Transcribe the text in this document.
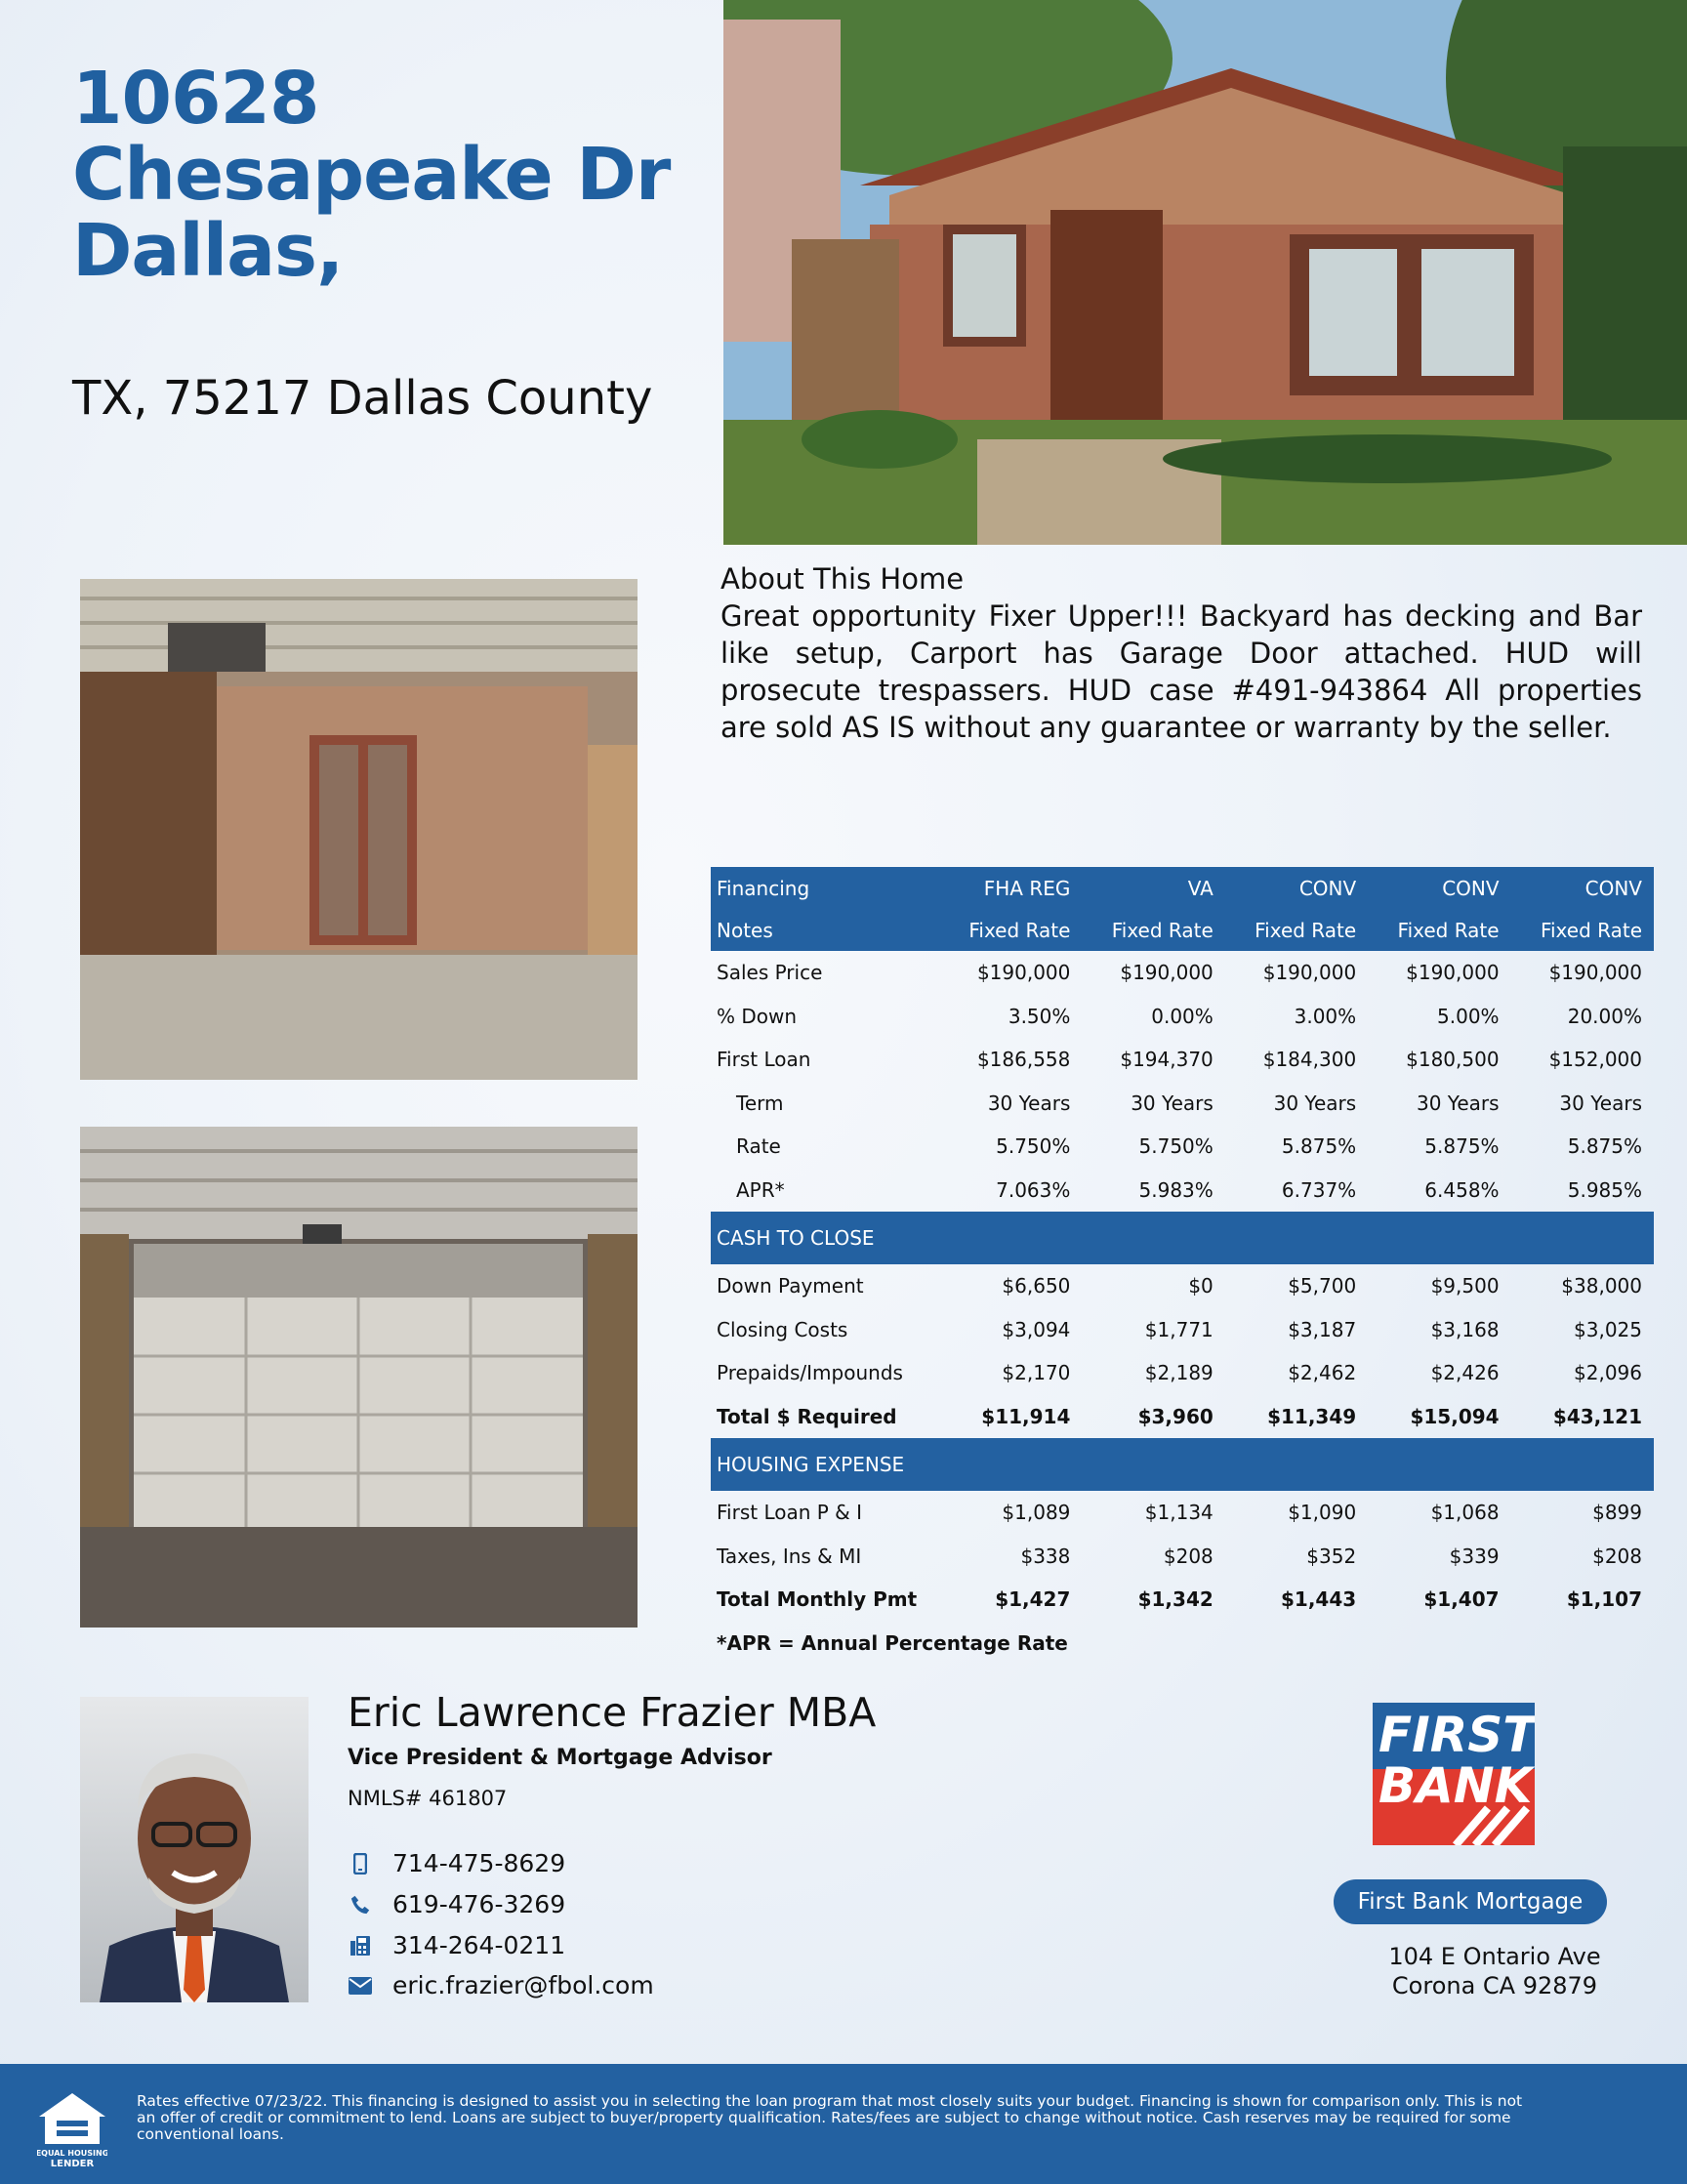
10628 Chesapeake Dr Dallas,
TX, 75217 Dallas County
About This Home
Great opportunity Fixer Upper!!! Backyard has decking and Bar like setup, Carport has Garage Door attached. HUD will prosecute trespassers. HUD case #491-943864 All properties are sold AS IS without any guarantee or warranty by the seller.
Financing	FHA REG	VA	CONV	CONV	CONV
Notes	Fixed Rate	Fixed Rate	Fixed Rate	Fixed Rate	Fixed Rate
Sales Price	$190,000	$190,000	$190,000	$190,000	$190,000
% Down	3.50%	0.00%	3.00%	5.00%	20.00%
First Loan	$186,558	$194,370	$184,300	$180,500	$152,000
Term	30 Years	30 Years	30 Years	30 Years	30 Years
Rate	5.750%	5.750%	5.875%	5.875%	5.875%
APR*	7.063%	5.983%	6.737%	6.458%	5.985%
CASH TO CLOSE					
Down Payment	$6,650	$0	$5,700	$9,500	$38,000
Closing Costs	$3,094	$1,771	$3,187	$3,168	$3,025
Prepaids/Impounds	$2,170	$2,189	$2,462	$2,426	$2,096
Total $ Required	$11,914	$3,960	$11,349	$15,094	$43,121
HOUSING EXPENSE					
First Loan P & I	$1,089	$1,134	$1,090	$1,068	$899
Taxes, Ins & MI	$338	$208	$352	$339	$208
Total Monthly Pmt	$1,427	$1,342	$1,443	$1,407	$1,107
*APR = Annual Percentage Rate
Eric Lawrence Frazier MBA
Vice President & Mortgage Advisor
NMLS# 461807
714-475-8629
619-476-3269
314-264-0211
eric.frazier@fbol.com
FIRST
BANK
First Bank Mortgage
104 E Ontario Ave
Corona CA 92879
EQUAL HOUSING
LENDER
Rates effective 07/23/22. This financing is designed to assist you in selecting the loan program that most closely suits your budget. Financing is shown for comparison only. This is not an offer of credit or commitment to lend. Loans are subject to buyer/property qualification. Rates/fees are subject to change without notice. Cash reserves may be required for some conventional loans.
